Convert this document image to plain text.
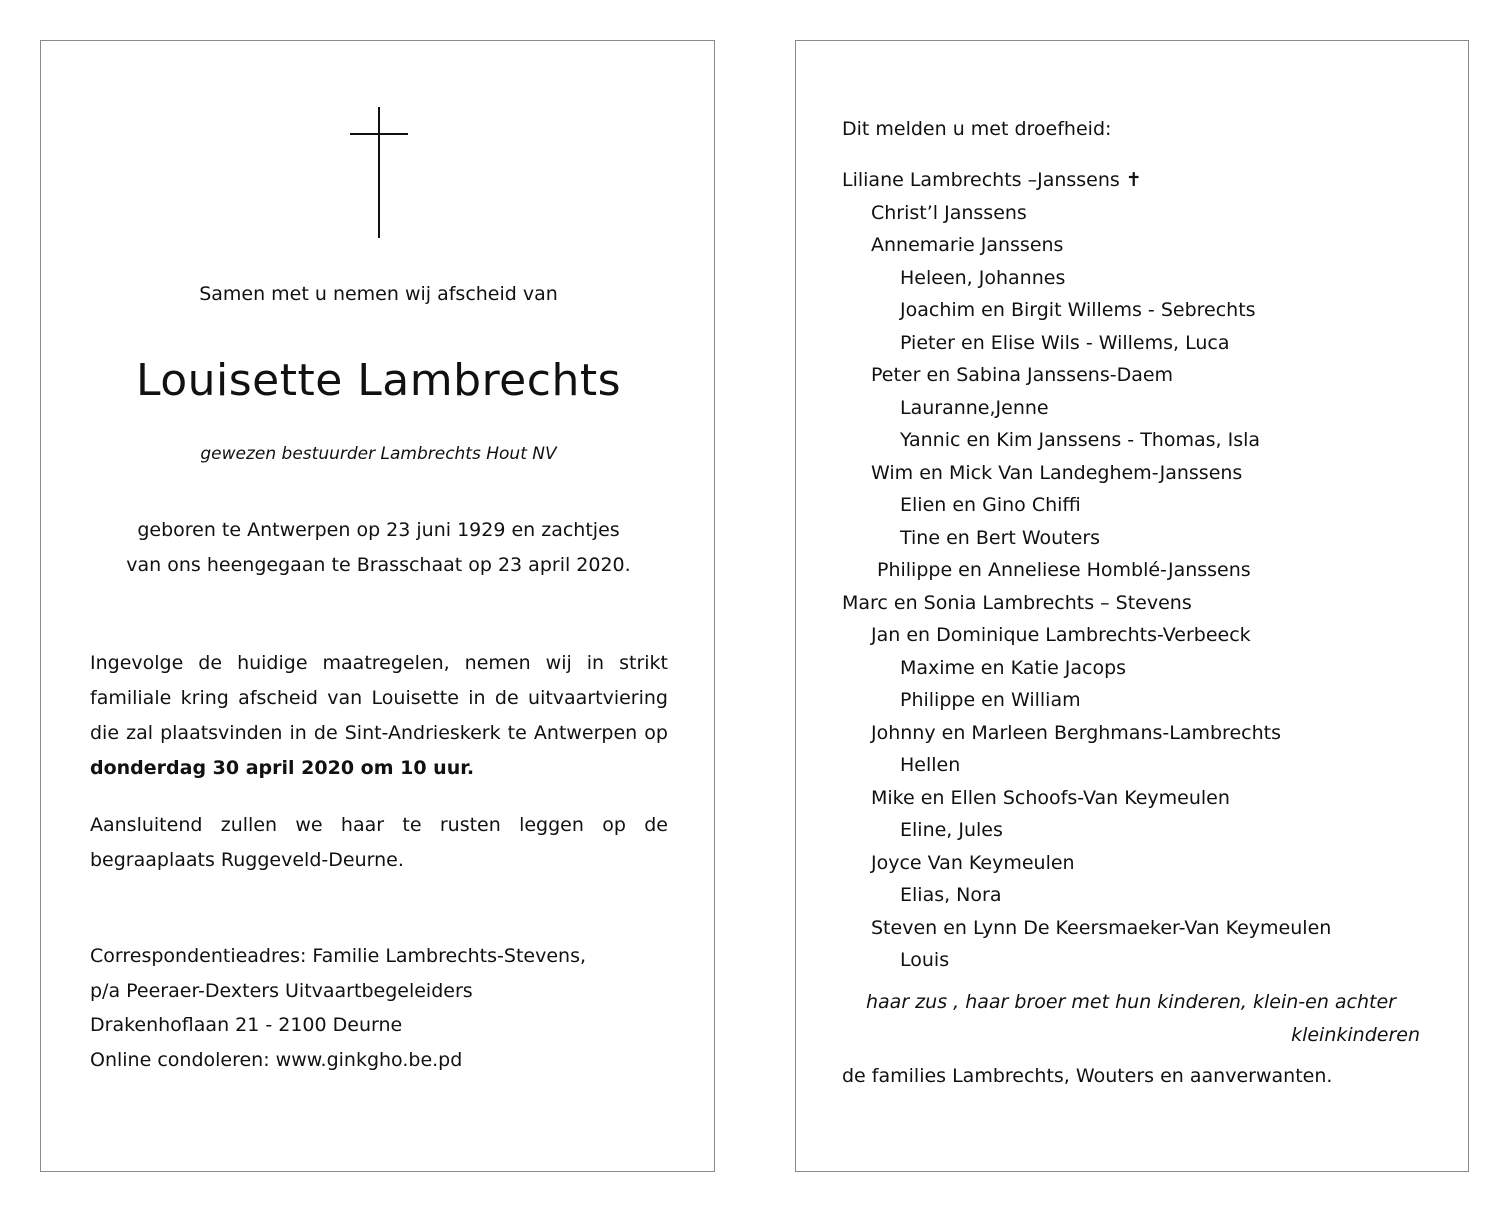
Samen met u nemen wij afscheid van
Louisette Lambrechts
gewezen bestuurder Lambrechts Hout NV
geboren te Antwerpen op 23 juni 1929 en zachtjes
van ons heengegaan te Brasschaat op 23 april 2020.
Ingevolge de huidige maatregelen, nemen wij in strikt familiale kring afscheid van Louisette in de uitvaartviering die zal plaatsvinden in de Sint-Andrieskerk te Antwerpen op donderdag 30 april 2020 om 10 uur.
Aansluitend zullen we haar te rusten leggen op de begraaplaats Ruggeveld-Deurne.
Correspondentieadres: Familie Lambrechts-Stevens,
p/a Peeraer-Dexters Uitvaartbegeleiders
Drakenhoflaan 21 - 2100 Deurne
Online condoleren: www.ginkgho.be.pd
Dit melden u met droefheid:
Liliane Lambrechts –Janssens ✝
Christ’l Janssens
Annemarie Janssens
Heleen, Johannes
Joachim en Birgit Willems - Sebrechts
Pieter en Elise Wils - Willems, Luca
Peter en Sabina Janssens-Daem
Lauranne,Jenne
Yannic en Kim Janssens - Thomas, Isla
Wim en Mick Van Landeghem-Janssens
Elien en Gino Chiffi
Tine en Bert Wouters
Philippe en Anneliese Homblé-Janssens
Marc en Sonia Lambrechts – Stevens
Jan en Dominique Lambrechts-Verbeeck
Maxime en Katie Jacops
Philippe en William
Johnny en Marleen Berghmans-Lambrechts
Hellen
Mike en Ellen Schoofs-Van Keymeulen
Eline, Jules
Joyce Van Keymeulen
Elias, Nora
Steven en Lynn De Keersmaeker-Van Keymeulen
Louis
haar zus , haar broer met hun kinderen, klein-en achter
kleinkinderen
de families Lambrechts, Wouters en aanverwanten.
